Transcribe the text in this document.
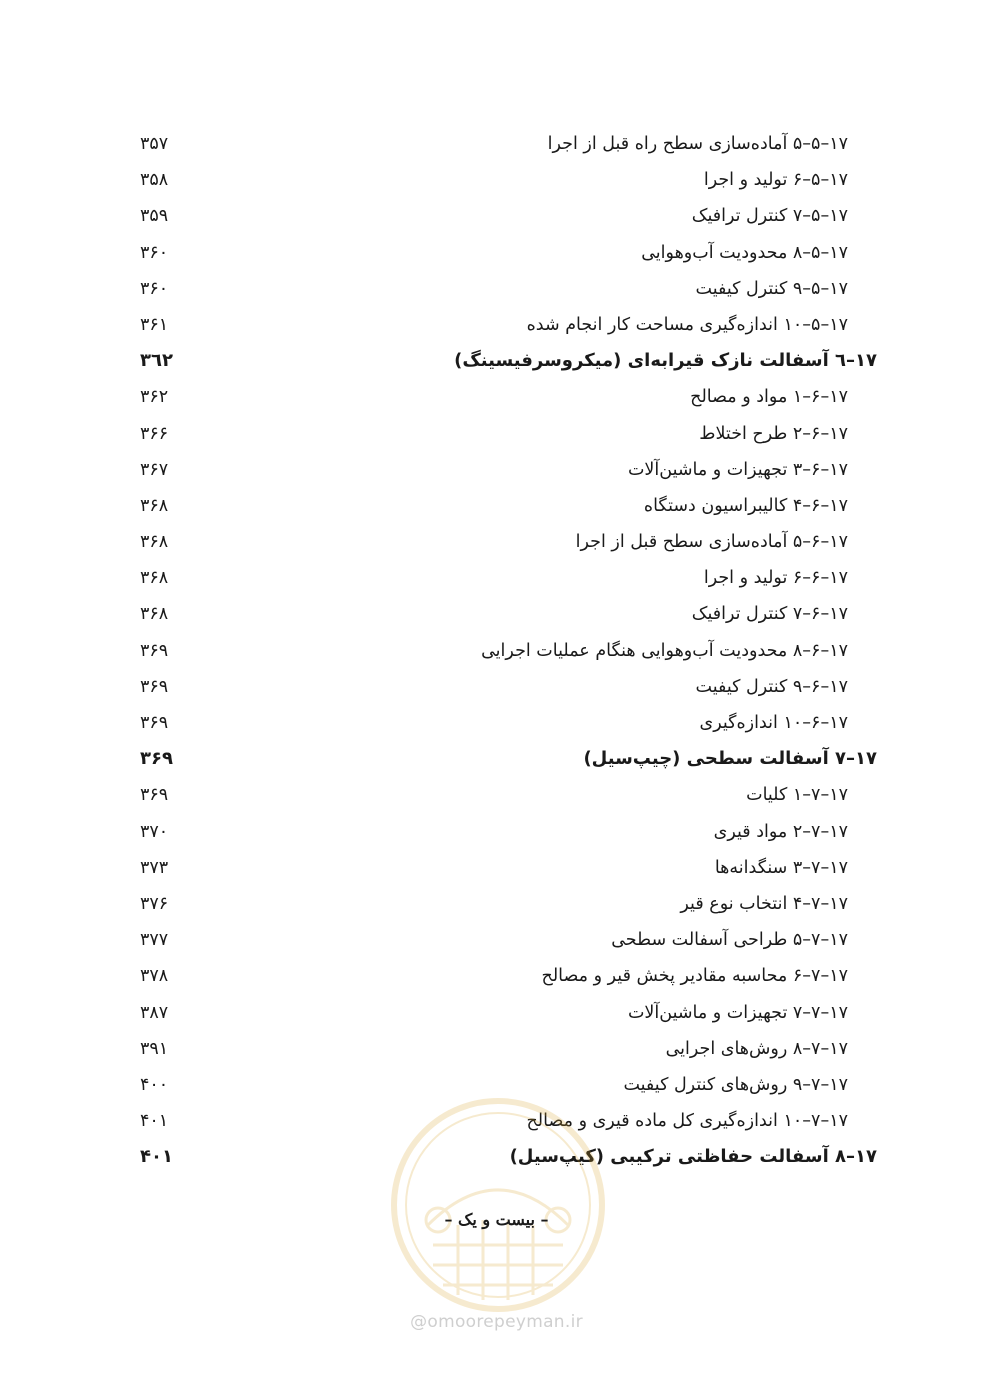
۱۷–۵–۵ آماده‌سازی سطح راه قبل از اجرا
۳۵۷
۱۷–۵–۶ تولید و اجرا
۳۵۸
۱۷–۵–۷ کنترل ترافیک
۳۵۹
۱۷–۵–۸ محدودیت آب‌وهوایی
۳۶۰
۱۷–۵–۹ کنترل کیفیت
۳۶۰
۱۷–۵–۱۰ اندازه‌گیری مساحت کار انجام شده
۳۶۱
۱۷–٦ آسفالت نازک قیرابه‌ای (میکروسرفیسینگ)
٣٦٢
۱۷–۶–۱ مواد و مصالح
۳۶۲
۱۷–۶–۲ طرح اختلاط
۳۶۶
۱۷–۶–۳ تجهیزات و ماشین‌آلات
۳۶۷
۱۷–۶–۴ کالیبراسیون دستگاه
۳۶۸
۱۷–۶–۵ آماده‌سازی سطح قبل از اجرا
۳۶۸
۱۷–۶–۶ تولید و اجرا
۳۶۸
۱۷–۶–۷ کنترل ترافیک
۳۶۸
۱۷–۶–۸ محدودیت آب‌وهوایی هنگام عملیات اجرایی
۳۶۹
۱۷–۶–۹ کنترل کیفیت
۳۶۹
۱۷–۶–۱۰ اندازه‌گیری
۳۶۹
۱۷–۷ آسفالت سطحی (چیپ‌سیل)
۳۶۹
۱۷–۷–۱ کلیات
۳۶۹
۱۷–۷–۲ مواد قیری
۳۷۰
۱۷–۷–۳ سنگدانه‌ها
۳۷۳
۱۷–۷–۴ انتخاب نوع قیر
۳۷۶
۱۷–۷–۵ طراحی آسفالت سطحی
۳۷۷
۱۷–۷–۶ محاسبه مقادیر پخش قیر و مصالح
۳۷۸
۱۷–۷–۷ تجهیزات و ماشین‌آلات
۳۸۷
۱۷–۷–۸ روش‌های اجرایی
۳۹۱
۱۷–۷–۹ روش‌های کنترل کیفیت
۴۰۰
۱۷–۷–۱۰ اندازه‌گیری کل ماده قیری و مصالح
۴۰۱
۱۷–۸ آسفالت حفاظتی ترکیبی (کیپ‌سیل)
۴۰۱
– بیست و یک –
@omoorepeyman.ir
